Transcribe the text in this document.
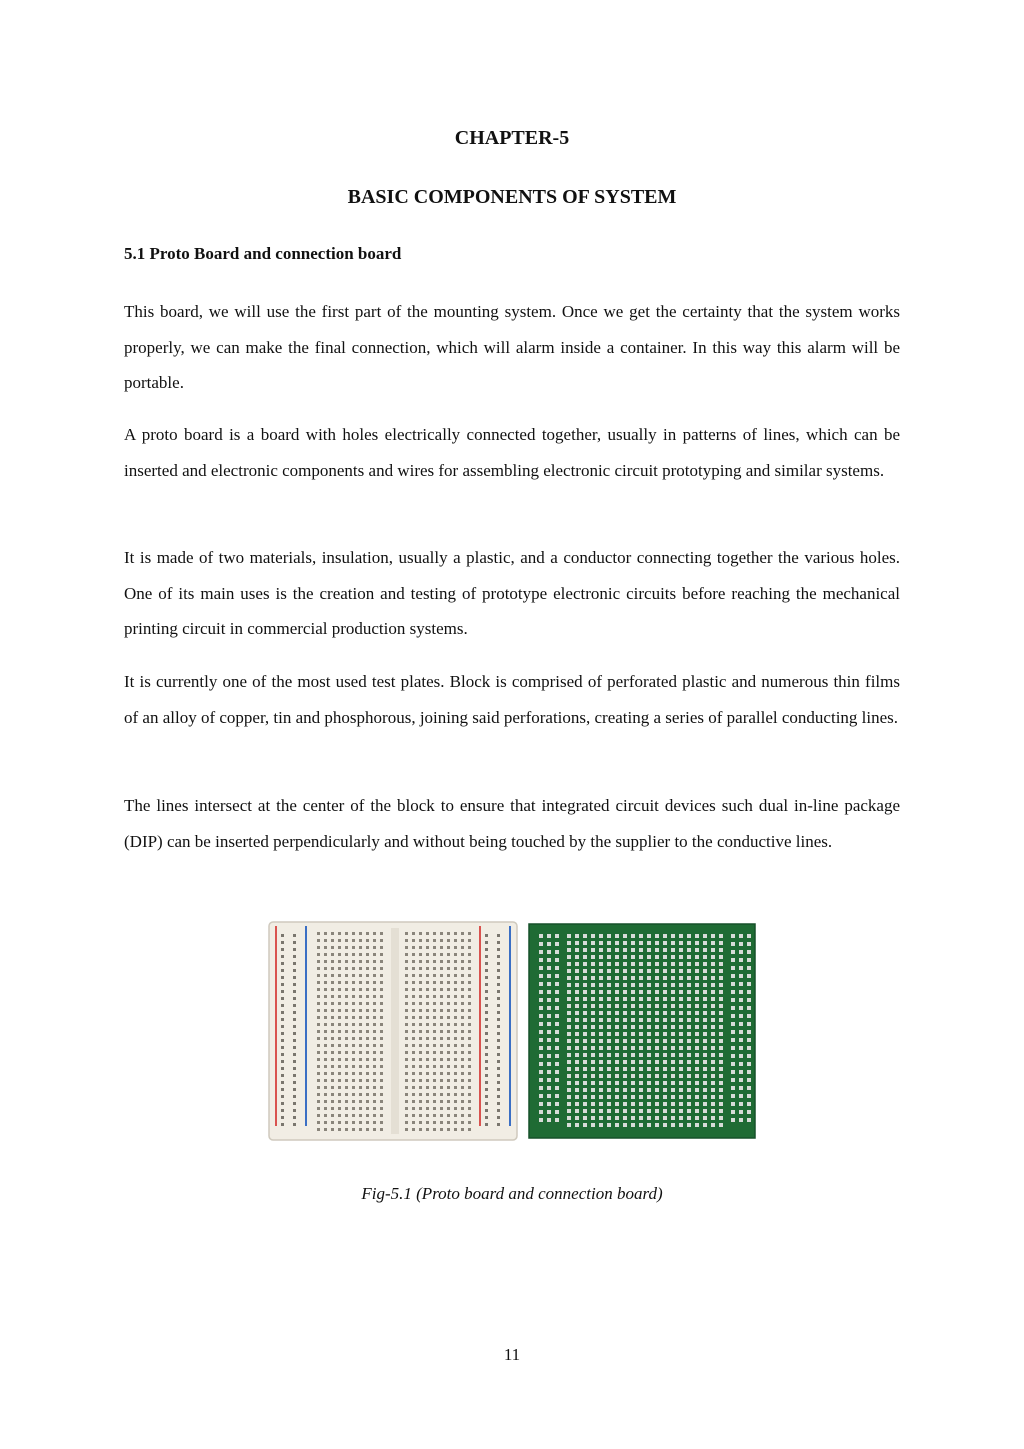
CHAPTER-5
BASIC COMPONENTS OF SYSTEM
5.1 Proto Board and connection board
This board, we will use the first part of the mounting system. Once we get the certainty that the system works properly, we can make the final connection, which will alarm inside a container. In this way this alarm will be portable.
A proto board is a board with holes electrically connected together, usually in patterns of lines, which can be inserted and electronic components and wires for assembling electronic circuit prototyping and similar systems.
It is made of two materials, insulation, usually a plastic, and a conductor connecting together the various holes. One of its main uses is the creation and testing of prototype electronic circuits before reaching the mechanical printing circuit in commercial production systems.
It is currently one of the most used test plates. Block is comprised of perforated plastic and numerous thin films of an alloy of copper, tin and phosphorous, joining said perforations, creating a series of parallel conducting lines.
The lines intersect at the center of the block to ensure that integrated circuit devices such dual in-line package (DIP) can be inserted perpendicularly and without being touched by the supplier to the conductive lines.
Fig-5.1 (Proto board and connection board)
11
